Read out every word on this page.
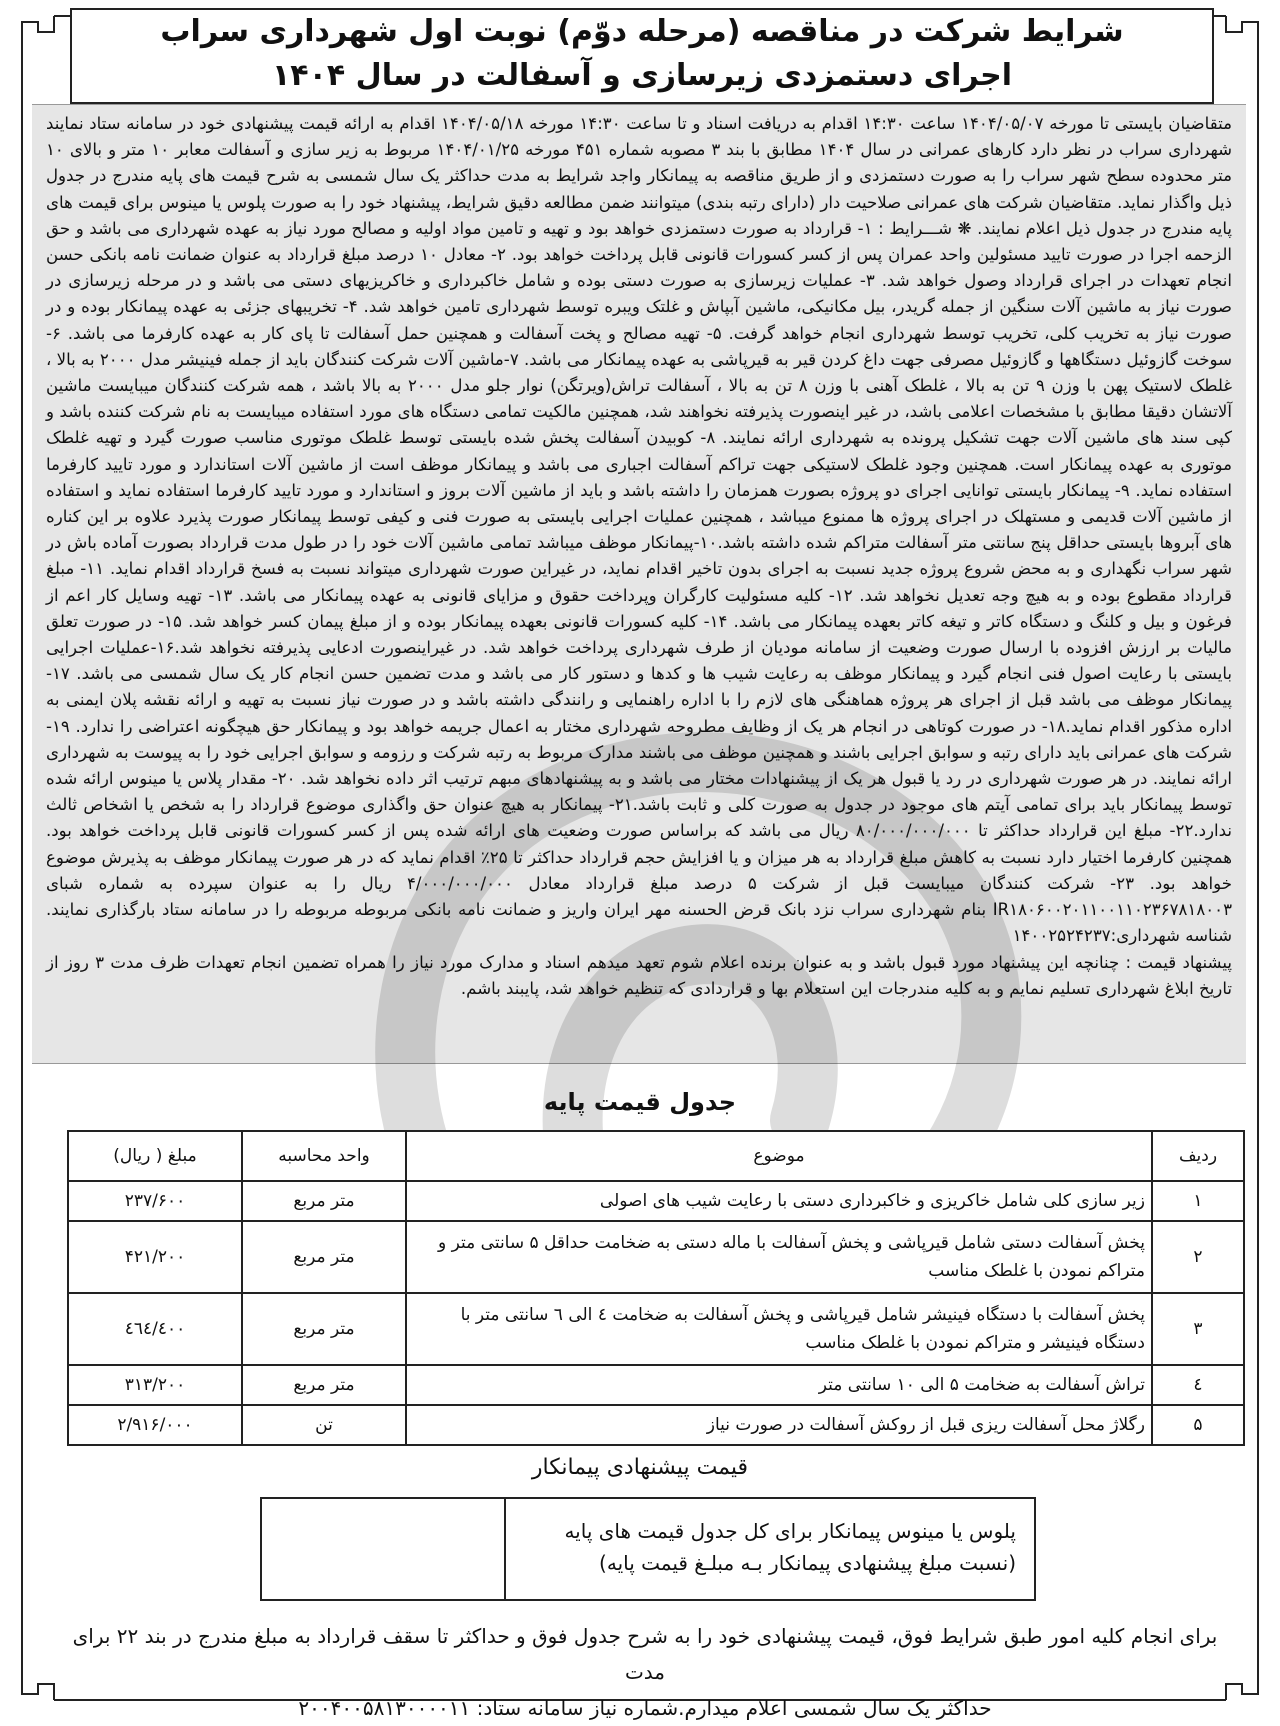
شرایط شرکت در مناقصه (مرحله دوّم) نوبت اول شهرداری سراب
اجرای دستمزدی زیرسازی و آسفالت در سال ۱۴۰۴

متقاضیان بایستی تا مورخه ۱۴۰۴/۰۵/۰۷ ساعت ۱۴:۳۰ اقدام به دریافت اسناد و تا ساعت ۱۴:۳۰ مورخه ۱۴۰۴/۰۵/۱۸ اقدام به ارائه قیمت پیشنهادی خود در سامانه ستاد نمایند شهرداری سراب در نظر دارد کارهای عمرانی در سال ۱۴۰۴ مطابق با بند ۳ مصوبه شماره ۴۵۱ مورخه ۱۴۰۴/۰۱/۲۵ مربوط به زیر سازی و آسفالت معابر ۱۰ متر و بالای ۱۰ متر محدوده سطح شهر سراب را به صورت دستمزدی و از طریق مناقصه به پیمانکار واجد شرایط به مدت حداکثر یک سال شمسی به شرح قیمت های پایه مندرج در جدول ذیل واگذار نماید. متقاضیان شرکت های عمرانی صلاحیت دار (دارای رتبه بندی) میتوانند ضمن مطالعه دقیق شرایط، پیشنهاد خود را به صورت پلوس یا مینوس برای قیمت های پایه مندرج در جدول ذیل اعلام نمایند. ❋ شـــرایط : ۱- قرارداد به صورت دستمزدی خواهد بود و تهیه و تامین مواد اولیه و مصالح مورد نیاز به عهده شهرداری می باشد و حق الزحمه اجرا در صورت تایید مسئولین واحد عمران پس از کسر کسورات قانونی قابل پرداخت خواهد بود. ۲- معادل ۱۰ درصد مبلغ قرارداد به عنوان ضمانت نامه بانکی حسن انجام تعهدات در اجرای قرارداد وصول خواهد شد. ۳- عملیات زیرسازی به صورت دستی بوده و شامل خاکبرداری و خاکریزیهای دستی می باشد و در مرحله زیرسازی در صورت نیاز به ماشین آلات سنگین از جمله گریدر، بیل مکانیکی، ماشین آبپاش و غلتک ویبره توسط شهرداری تامین خواهد شد. ۴- تخریبهای جزئی به عهده پیمانکار بوده و در صورت نیاز به تخریب کلی، تخریب توسط شهرداری انجام خواهد گرفت. ۵- تهیه مصالح و پخت آسفالت و همچنین حمل آسفالت تا پای کار به عهده کارفرما می باشد. ۶-سوخت گازوئیل دستگاهها و گازوئیل مصرفی جهت داغ کردن قیر به قیرپاشی به عهده پیمانکار می باشد. ۷-ماشین آلات شرکت کنندگان باید از جمله فینیشر مدل ۲۰۰۰ به بالا ، غلطک لاستیک پهن با وزن ۹ تن به بالا ، غلطک آهنی با وزن ۸ تن به بالا ، آسفالت تراش(ویرتگن) نوار جلو مدل ۲۰۰۰ به بالا باشد ، همه شرکت کنندگان میبایست ماشین آلاتشان دقیقا مطابق با مشخصات اعلامی باشد، در غیر اینصورت پذیرفته نخواهند شد، همچنین مالکیت تمامی دستگاه های مورد استفاده میبایست به نام شرکت کننده باشد و کپی سند های ماشین آلات جهت تشکیل پرونده به شهرداری ارائه نمایند. ۸- کوبیدن آسفالت پخش شده بایستی توسط غلطک موتوری مناسب صورت گیرد و تهیه غلطک موتوری به عهده پیمانکار است. همچنین وجود غلطک لاستیکی جهت تراکم آسفالت اجباری می باشد و پیمانکار موظف است از ماشین آلات استاندارد و مورد تایید کارفرما استفاده نماید. ۹- پیمانکار بایستی توانایی اجرای دو پروژه بصورت همزمان را داشته باشد و باید از ماشین آلات بروز و استاندارد و مورد تایید کارفرما استفاده نماید و استفاده از ماشین آلات قدیمی و مستهلک در اجرای پروژه ها ممنوع میباشد ، همچنین عملیات اجرایی بایستی به صورت فنی و کیفی توسط پیمانکار صورت پذیرد علاوه بر این کناره های آبروها بایستی حداقل پنج سانتی متر آسفالت متراکم شده داشته باشد.۱۰-پیمانکار موظف میباشد تمامی ماشین آلات خود را در طول مدت قرارداد بصورت آماده باش در شهر سراب نگهداری و به محض شروع پروژه جدید نسبت به اجرای بدون تاخیر اقدام نماید، در غیراین صورت شهرداری میتواند نسبت به فسخ قرارداد اقدام نماید. ۱۱- مبلغ قرارداد مقطوع بوده و به هیچ وجه تعدیل نخواهد شد. ۱۲- کلیه مسئولیت کارگران وپرداخت حقوق و مزایای قانونی به عهده پیمانکار می باشد. ۱۳- تهیه وسایل کار اعم از فرغون و بیل و کلنگ و دستگاه کاتر و تیغه کاتر بعهده پیمانکار می باشد. ۱۴- کلیه کسورات قانونی بعهده پیمانکار بوده و از مبلغ پیمان کسر خواهد شد. ۱۵- در صورت تعلق مالیات بر ارزش افزوده با ارسال صورت وضعیت از سامانه مودیان از طرف شهرداری پرداخت خواهد شد. در غیراینصورت ادعایی پذیرفته نخواهد شد.۱۶-عملیات اجرایی بایستی با رعایت اصول فنی انجام گیرد و پیمانکار موظف به رعایت شیب ها و کدها و دستور کار می باشد و مدت تضمین حسن انجام کار یک سال شمسی می باشد. ۱۷- پیمانکار موظف می باشد قبل از اجرای هر پروژه هماهنگی های لازم را با اداره راهنمایی و رانندگی داشته باشد و در صورت نیاز نسبت به تهیه و ارائه نقشه پلان ایمنی به اداره مذکور اقدام نماید.۱۸- در صورت کوتاهی در انجام هر یک از وظایف مطروحه شهرداری مختار به اعمال جریمه خواهد بود و پیمانکار حق هیچگونه اعتراضی را ندارد. ۱۹- شرکت های عمرانی باید دارای رتبه و سوابق اجرایی باشند و همچنین موظف می باشند مدارک مربوط به رتبه شرکت و رزومه و سوابق اجرایی خود را به پیوست به شهرداری ارائه نمایند. در هر صورت شهرداری در رد یا قبول هر یک از پیشنهادات مختار می باشد و به پیشنهادهای مبهم ترتیب اثر داده نخواهد شد. ۲۰- مقدار پلاس یا مینوس ارائه شده توسط پیمانکار باید برای تمامی آیتم های موجود در جدول به صورت کلی و ثابت باشد.۲۱- پیمانکار به هیچ عنوان حق واگذاری موضوع قرارداد را به شخص یا اشخاص ثالث ندارد.۲۲- مبلغ این قرارداد حداکثر تا ۸۰/۰۰۰/۰۰۰/۰۰۰ ریال می باشد که براساس صورت وضعیت های ارائه شده پس از کسر کسورات قانونی قابل پرداخت خواهد بود. همچنین کارفرما اختیار دارد نسبت به کاهش مبلغ قرارداد به هر میزان و یا افزایش حجم قرارداد حداکثر تا ۲۵٪ اقدام نماید که در هر صورت پیمانکار موظف به پذیرش موضوع خواهد بود. ۲۳- شرکت کنندگان میبایست قبل از شرکت ۵ درصد مبلغ قرارداد معادل ۴/۰۰۰/۰۰۰/۰۰۰ ریال را به عنوان سپرده به شماره شبای IR۱۸۰۶۰۰۲۰۱۱۰۰۱۱۰۲۳۶۷۸۱۸۰۰۳ بنام شهرداری سراب نزد بانک قرض الحسنه مهر ایران واریز و ضمانت نامه بانکی مربوطه مربوطه را در سامانه ستاد بارگذاری نمایند. شناسه شهرداری:۱۴۰۰۲۵۲۴۲۳۷

پیشنهاد قیمت : چنانچه این پیشنهاد مورد قبول باشد و به عنوان برنده اعلام شوم تعهد میدهم اسناد و مدارک مورد نیاز را همراه تضمین انجام تعهدات ظرف مدت ۳ روز از تاریخ ابلاغ شهرداری تسلیم نمایم و به کلیه مندرجات این استعلام بها و قراردادی که تنظیم خواهد شد، پایبند باشم.

جدول قیمت پایه
ردیف	موضوع	واحد محاسبه	مبلغ ( ریال)
۱	زیر سازی کلی شامل خاکریزی و خاکبرداری دستی با رعایت شیب های اصولی	متر مربع	۲۳۷/۶۰۰
۲	پخش آسفالت دستی شامل قیرپاشی و پخش آسفالت با ماله دستی به ضخامت حداقل ۵ سانتی متر و متراکم نمودن با غلطک مناسب	متر مربع	۴۲۱/۲۰۰
۳	پخش آسفالت با دستگاه فینیشر شامل قیرپاشی و پخش آسفالت به ضخامت ٤ الی ٦ سانتی متر با دستگاه فینیشر و متراکم نمودن با غلطک مناسب	متر مربع	٤٦٤/٤٠٠
٤	تراش آسفالت به ضخامت ۵ الی ۱۰ سانتی متر	متر مربع	۳۱۳/۲۰۰
۵	رگلاژ محل آسفالت ریزی قبل از روکش آسفالت در صورت نیاز	تن	۲/۹۱۶/۰۰۰
قیمت پیشنهادی پیمانکار
پلوس یا مینوس پیمانکار برای کل جدول قیمت های پایه
(نسبت مبلغ پیشنهادی پیمانکار بـه مبلـغ قیمت پایه)
برای انجام کلیه امور طبق شرایط فوق، قیمت پیشنهادی خود را به شرح جدول فوق و حداکثر تا سقف قرارداد به مبلغ مندرج در بند ۲۲ برای مدت
حداکثر یک سال شمسی اعلام میدارم.شماره نیاز سامانه ستاد: ۲۰۰۴۰۰۵۸۱۳۰۰۰۰۱۱
